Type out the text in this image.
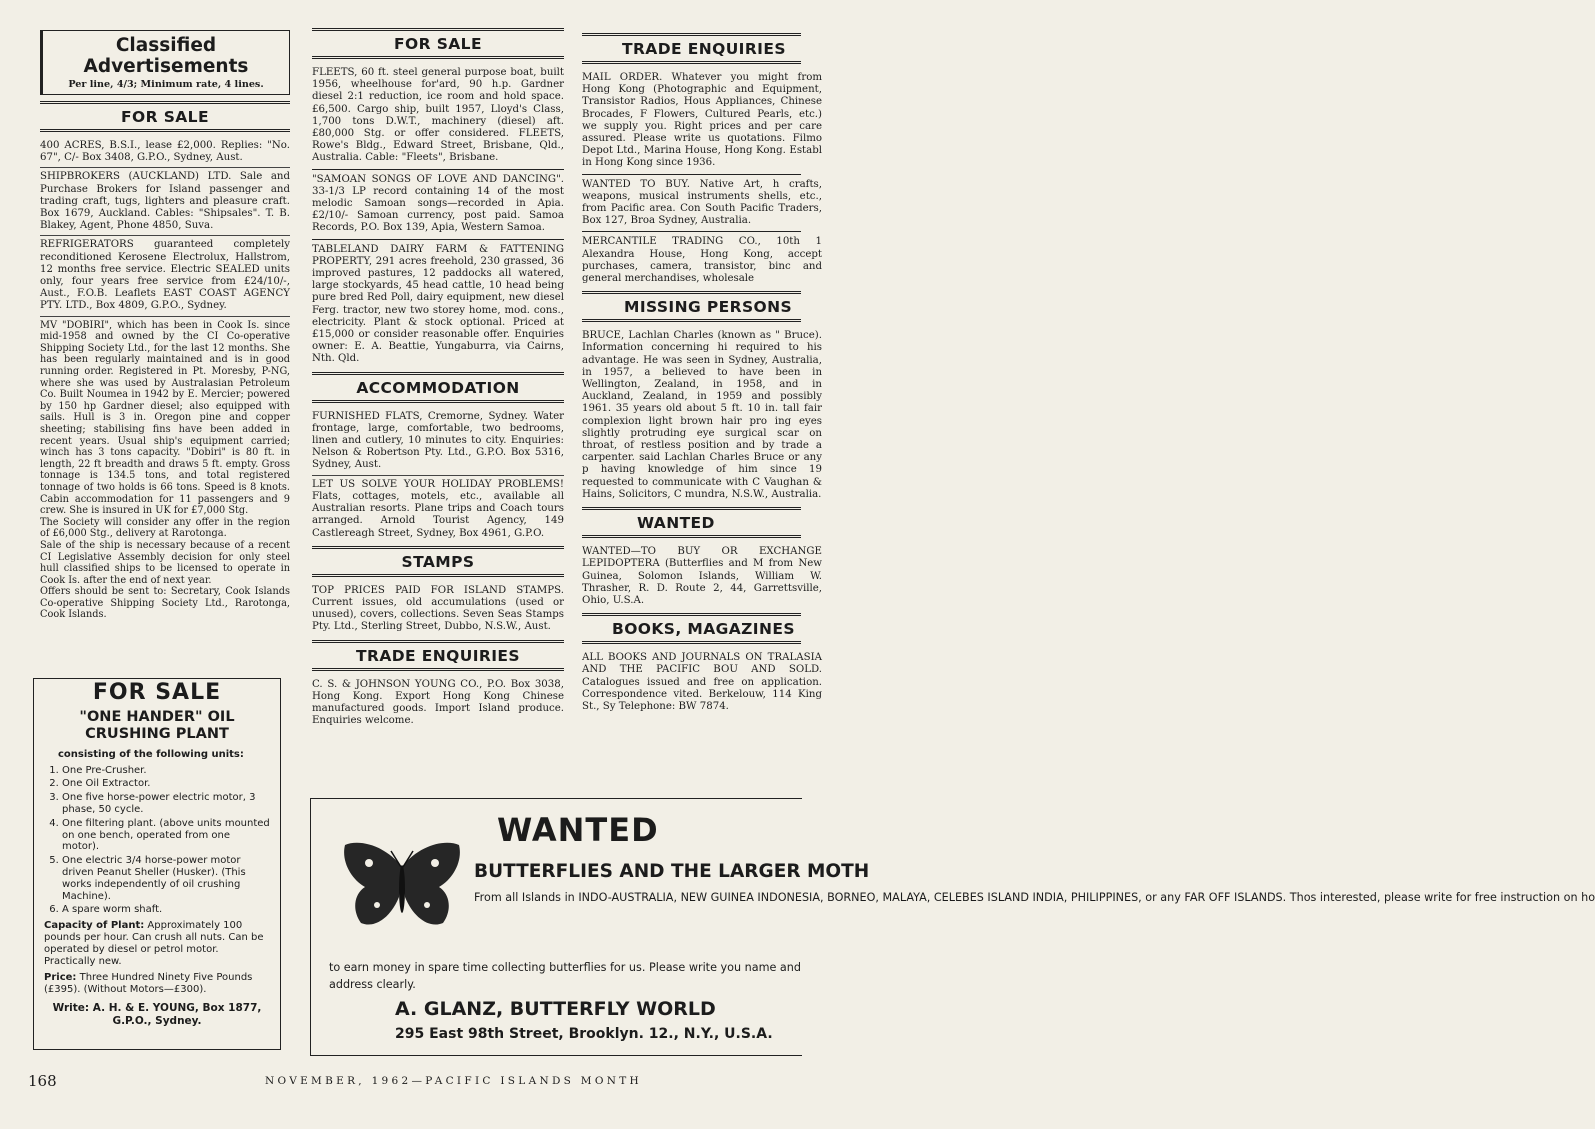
Classified Advertisements
Per line, 4/3; Minimum rate, 4 lines.
FOR SALE

400 ACRES, B.S.I., lease £2,000. Replies: "No. 67", C/- Box 3408, G.P.O., Sydney, Aust.

SHIPBROKERS (AUCKLAND) LTD. Sale and Purchase Brokers for Island passenger and trading craft, tugs, lighters and pleasure craft. Box 1679, Auckland. Cables: "Shipsales". T. B. Blakey, Agent, Phone 4850, Suva.

REFRIGERATORS guaranteed completely reconditioned Kerosene Electrolux, Hallstrom, 12 months free service. Electric SEALED units only, four years free service from £24/10/-, Aust., F.O.B. Leaflets EAST COAST AGENCY PTY. LTD., Box 4809, G.P.O., Sydney.

MV "DOBIRI", which has been in Cook Is. since mid-1958 and owned by the CI Co-operative Shipping Society Ltd., for the last 12 months. She has been regularly maintained and is in good running order. Registered in Pt. Moresby, P-NG, where she was used by Australasian Petroleum Co. Built Noumea in 1942 by E. Mercier; powered by 150 hp Gardner diesel; also equipped with sails. Hull is 3 in. Oregon pine and copper sheeting; stabilising fins have been added in recent years. Usual ship's equipment carried; winch has 3 tons capacity. "Dobiri" is 80 ft. in length, 22 ft breadth and draws 5 ft. empty. Gross tonnage is 134.5 tons, and total registered tonnage of two holds is 66 tons. Speed is 8 knots. Cabin accommodation for 11 passengers and 9 crew. She is insured in UK for £7,000 Stg.
The Society will consider any offer in the region of £6,000 Stg., delivery at Rarotonga.
Sale of the ship is necessary because of a recent CI Legislative Assembly decision for only steel hull classified ships to be licensed to operate in Cook Is. after the end of next year.
Offers should be sent to: Secretary, Cook Islands Co-operative Shipping Society Ltd., Rarotonga, Cook Islands.

FOR SALE
"ONE HANDER" OIL CRUSHING PLANT
consisting of the following units:
1. One Pre-Crusher.
2. One Oil Extractor.
3. One five horse-power electric motor, 3 phase, 50 cycle.
4. One filtering plant. (above units mounted on one bench, operated from one motor).
5. One electric 3/4 horse-power motor driven Peanut Sheller (Husker). (This works independently of oil crushing Machine).
6. A spare worm shaft.
Capacity of Plant: Approximately 100 pounds per hour. Can crush all nuts. Can be operated by diesel or petrol motor. Practically new.
Price: Three Hundred Ninety Five Pounds (£395). (Without Motors—£300).
Write: A. H. & E. YOUNG, Box 1877, G.P.O., Sydney.
FOR SALE

FLEETS, 60 ft. steel general purpose boat, built 1956, wheelhouse for'ard, 90 h.p. Gardner diesel 2:1 reduction, ice room and hold space. £6,500. Cargo ship, built 1957, Lloyd's Class, 1,700 tons D.W.T., machinery (diesel) aft. £80,000 Stg. or offer considered. FLEETS, Rowe's Bldg., Edward Street, Brisbane, Qld., Australia. Cable: "Fleets", Brisbane.

"SAMOAN SONGS OF LOVE AND DANCING". 33-1/3 LP record containing 14 of the most melodic Samoan songs—recorded in Apia. £2/10/- Samoan currency, post paid. Samoa Records, P.O. Box 139, Apia, Western Samoa.

TABLELAND DAIRY FARM & FATTENING PROPERTY, 291 acres freehold, 230 grassed, 36 improved pastures, 12 paddocks all watered, large stockyards, 45 head cattle, 10 head being pure bred Red Poll, dairy equipment, new diesel Ferg. tractor, new two storey home, mod. cons., electricity. Plant & stock optional. Priced at £15,000 or consider reasonable offer. Enquiries owner: E. A. Beattie, Yungaburra, via Cairns, Nth. Qld.

ACCOMMODATION

FURNISHED FLATS, Cremorne, Sydney. Water frontage, large, comfortable, two bedrooms, linen and cutlery, 10 minutes to city. Enquiries: Nelson & Robertson Pty. Ltd., G.P.O. Box 5316, Sydney, Aust.

LET US SOLVE YOUR HOLIDAY PROBLEMS! Flats, cottages, motels, etc., available all Australian resorts. Plane trips and Coach tours arranged. Arnold Tourist Agency, 149 Castlereagh Street, Sydney, Box 4961, G.P.O.

STAMPS

TOP PRICES PAID FOR ISLAND STAMPS. Current issues, old accumulations (used or unused), covers, collections. Seven Seas Stamps Pty. Ltd., Sterling Street, Dubbo, N.S.W., Aust.

TRADE ENQUIRIES

C. S. & JOHNSON YOUNG CO., P.O. Box 3038, Hong Kong. Export Hong Kong Chinese manufactured goods. Import Island produce. Enquiries welcome.

TRADE ENQUIRIES

MAIL ORDER. Whatever you might from Hong Kong (Photographic and Equipment, Transistor Radios, Hous Appliances, Chinese Brocades, F Flowers, Cultured Pearls, etc.) we supply you. Right prices and per care assured. Please write us quotations. Filmo Depot Ltd., Marina House, Hong Kong. Establ in Hong Kong since 1936.

WANTED TO BUY. Native Art, h crafts, weapons, musical instruments shells, etc., from Pacific area. Con South Pacific Traders, Box 127, Broa Sydney, Australia.

MERCANTILE TRADING CO., 10th 1 Alexandra House, Hong Kong, accept purchases, camera, transistor, binc and general merchandises, wholesale

MISSING PERSONS

BRUCE, Lachlan Charles (known as " Bruce). Information concerning hi required to his advantage. He was seen in Sydney, Australia, in 1957, a believed to have been in Wellington, Zealand, in 1958, and in Auckland, Zealand, in 1959 and possibly 1961. 35 years old about 5 ft. 10 in. tall fair complexion light brown hair pro ing eyes slightly protruding eye surgical scar on throat, of restless position and by trade a carpenter. said Lachlan Charles Bruce or any p having knowledge of him since 19 requested to communicate with C Vaughan & Hains, Solicitors, C mundra, N.S.W., Australia.

WANTED

WANTED—TO BUY OR EXCHANGE LEPIDOPTERA (Butterflies and M from New Guinea, Solomon Islands, William W. Thrasher, R. D. Route 2, 44, Garrettsville, Ohio, U.S.A.

BOOKS, MAGAZINES

ALL BOOKS AND JOURNALS ON TRALASIA AND THE PACIFIC BOU AND SOLD. Catalogues issued and free on application. Correspondence vited. Berkelouw, 114 King St., Sy Telephone: BW 7874.

WANTED
BUTTERFLIES AND THE LARGER MOTH
From all Islands in INDO-AUSTRALIA, NEW GUINEA INDONESIA, BORNEO, MALAYA, CELEBES ISLAND INDIA, PHILIPPINES, or any FAR OFF ISLANDS. Thos interested, please write for free instruction on ho
to earn money in spare time collecting butterflies for us. Please write you name and address clearly.
A. GLANZ, BUTTERFLY WORLD
295 East 98th Street, Brooklyn. 12., N.Y., U.S.A.
168	NOVEMBER, 1962—PACIFIC ISLANDS MONTH
